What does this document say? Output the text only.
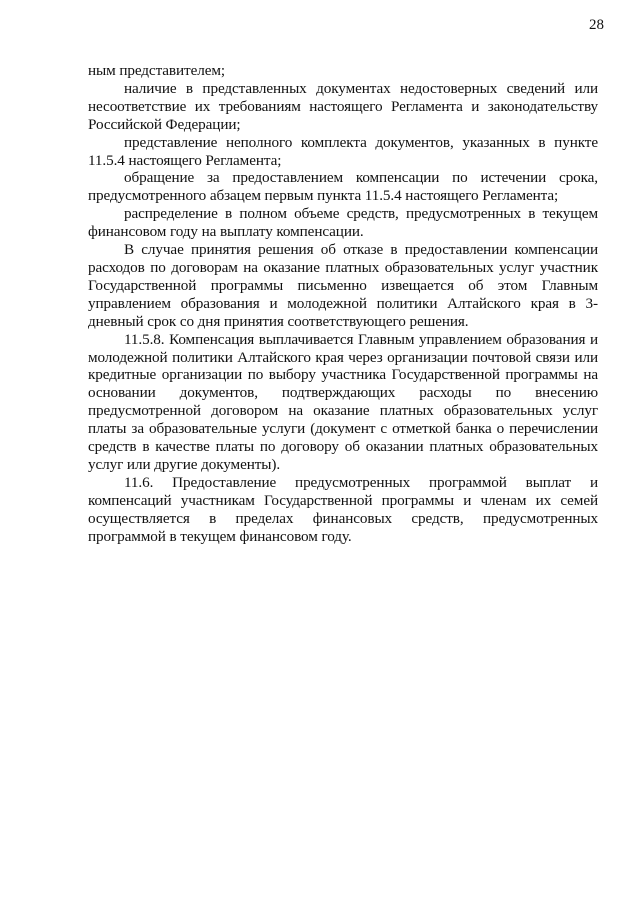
28

ным представителем;

наличие в представленных документах недостоверных сведений или несоответствие их требованиям настоящего Регламента и законодательству Российской Федерации;

представление неполного комплекта документов, указанных в пункте 11.5.4 настоящего Регламента;

обращение за предоставлением компенсации по истечении срока, предусмотренного абзацем первым пункта 11.5.4 настоящего Регламента;

распределение в полном объеме средств, предусмотренных в текущем финансовом году на выплату компенсации.

В случае принятия решения об отказе в предоставлении компенсации расходов по договорам на оказание платных образовательных услуг участник Государственной программы письменно извещается об этом Главным управлением образования и молодежной политики Алтайского края в 3-дневный срок со дня принятия соответствующего решения.

11.5.8. Компенсация выплачивается Главным управлением образования и молодежной политики Алтайского края через организации почтовой связи или кредитные организации по выбору участника Государственной программы на основании документов, подтверждающих расходы по внесению предусмотренной договором на оказание платных образовательных услуг платы за образовательные услуги (документ с отметкой банка о перечислении средств в качестве платы по договору об оказании платных образовательных услуг или другие документы).

11.6. Предоставление предусмотренных программой выплат и компенсаций участникам Государственной программы и членам их семей осуществляется в пределах финансовых средств, предусмотренных программой в текущем финансовом году.
